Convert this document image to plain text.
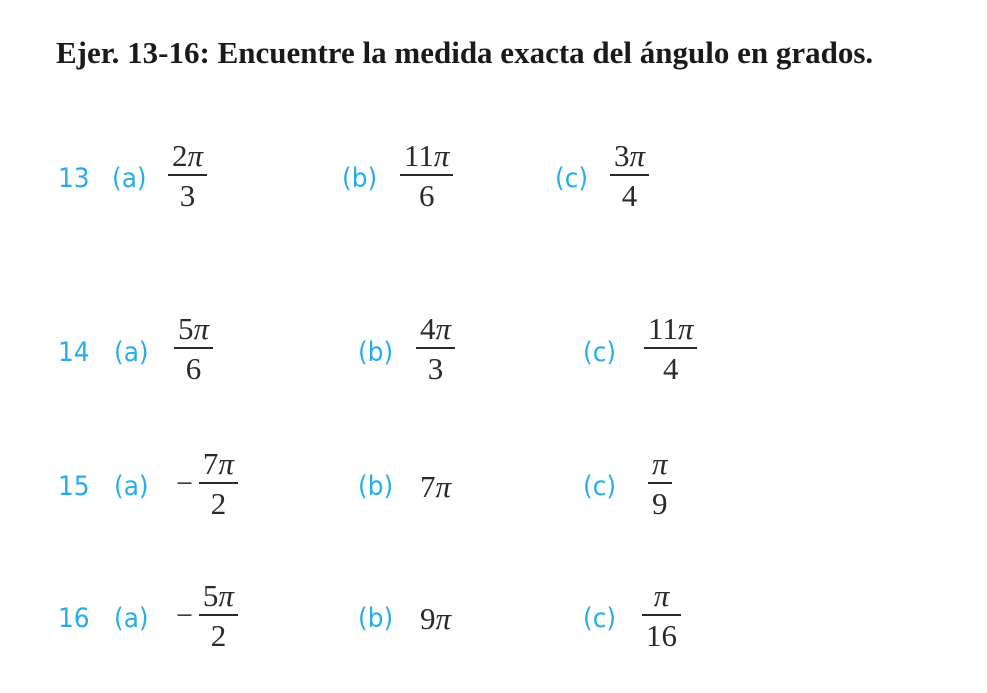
Ejer. 13-16: Encuentre la medida exacta del ángulo en grados.
13 $(a) \frac{2\pi}{3}$	$(b) \frac{11\pi}{6}$	$(c) \frac{3\pi}{4}$
14 $(a) \frac{5\pi}{6}$	$(b) \frac{4\pi}{3}$	$(c) \frac{11\pi}{4}$
15 $(a) - \frac{7\pi}{2}$	(b) 7π	$(c) \frac{\pi}{9}$
16 $(a) - \frac{5\pi}{2}$	(b) 9π	$(c) \frac{\pi}{16}$
